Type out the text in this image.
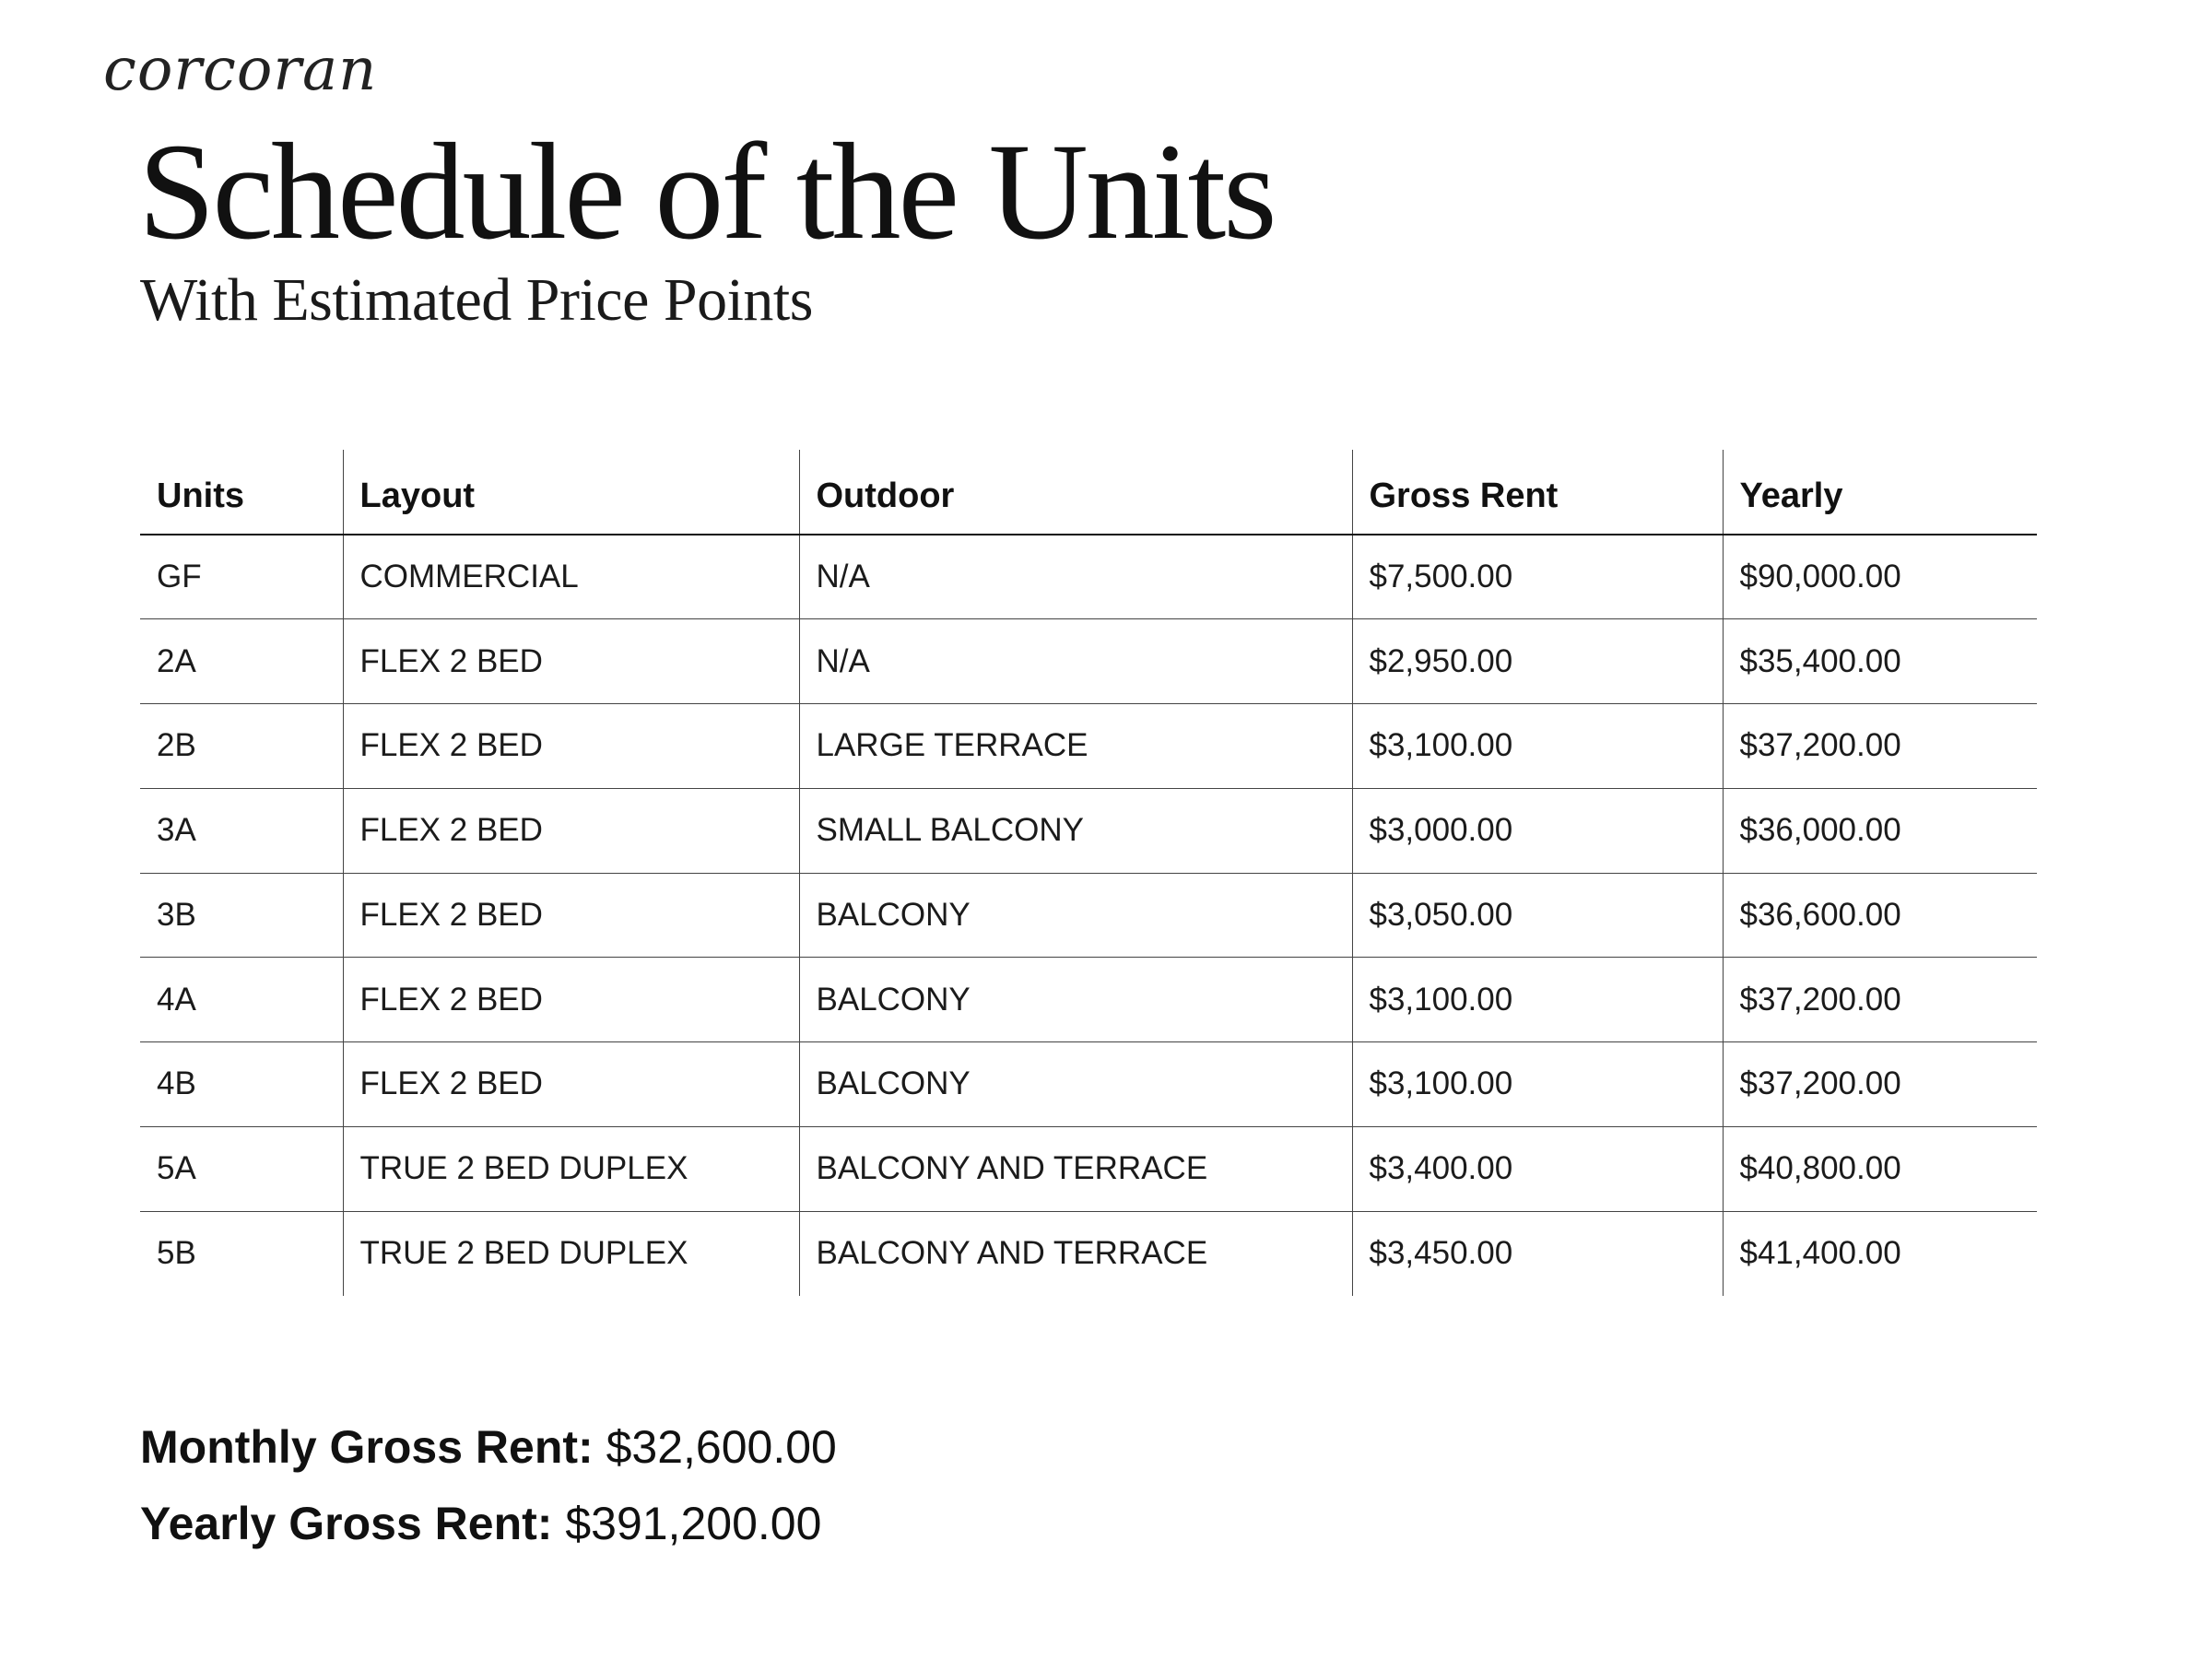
corcoran
Schedule of the Units
With Estimated Price Points
Units	Layout	Outdoor	Gross Rent	Yearly
GF	COMMERCIAL	N/A	$7,500.00	$90,000.00
2A	FLEX 2 BED	N/A	$2,950.00	$35,400.00
2B	FLEX 2 BED	LARGE TERRACE	$3,100.00	$37,200.00
3A	FLEX 2 BED	SMALL BALCONY	$3,000.00	$36,000.00
3B	FLEX 2 BED	BALCONY	$3,050.00	$36,600.00
4A	FLEX 2 BED	BALCONY	$3,100.00	$37,200.00
4B	FLEX 2 BED	BALCONY	$3,100.00	$37,200.00
5A	TRUE 2 BED DUPLEX	BALCONY AND TERRACE	$3,400.00	$40,800.00
5B	TRUE 2 BED DUPLEX	BALCONY AND TERRACE	$3,450.00	$41,400.00
Monthly Gross Rent: $32,600.00
Yearly Gross Rent: $391,200.00
